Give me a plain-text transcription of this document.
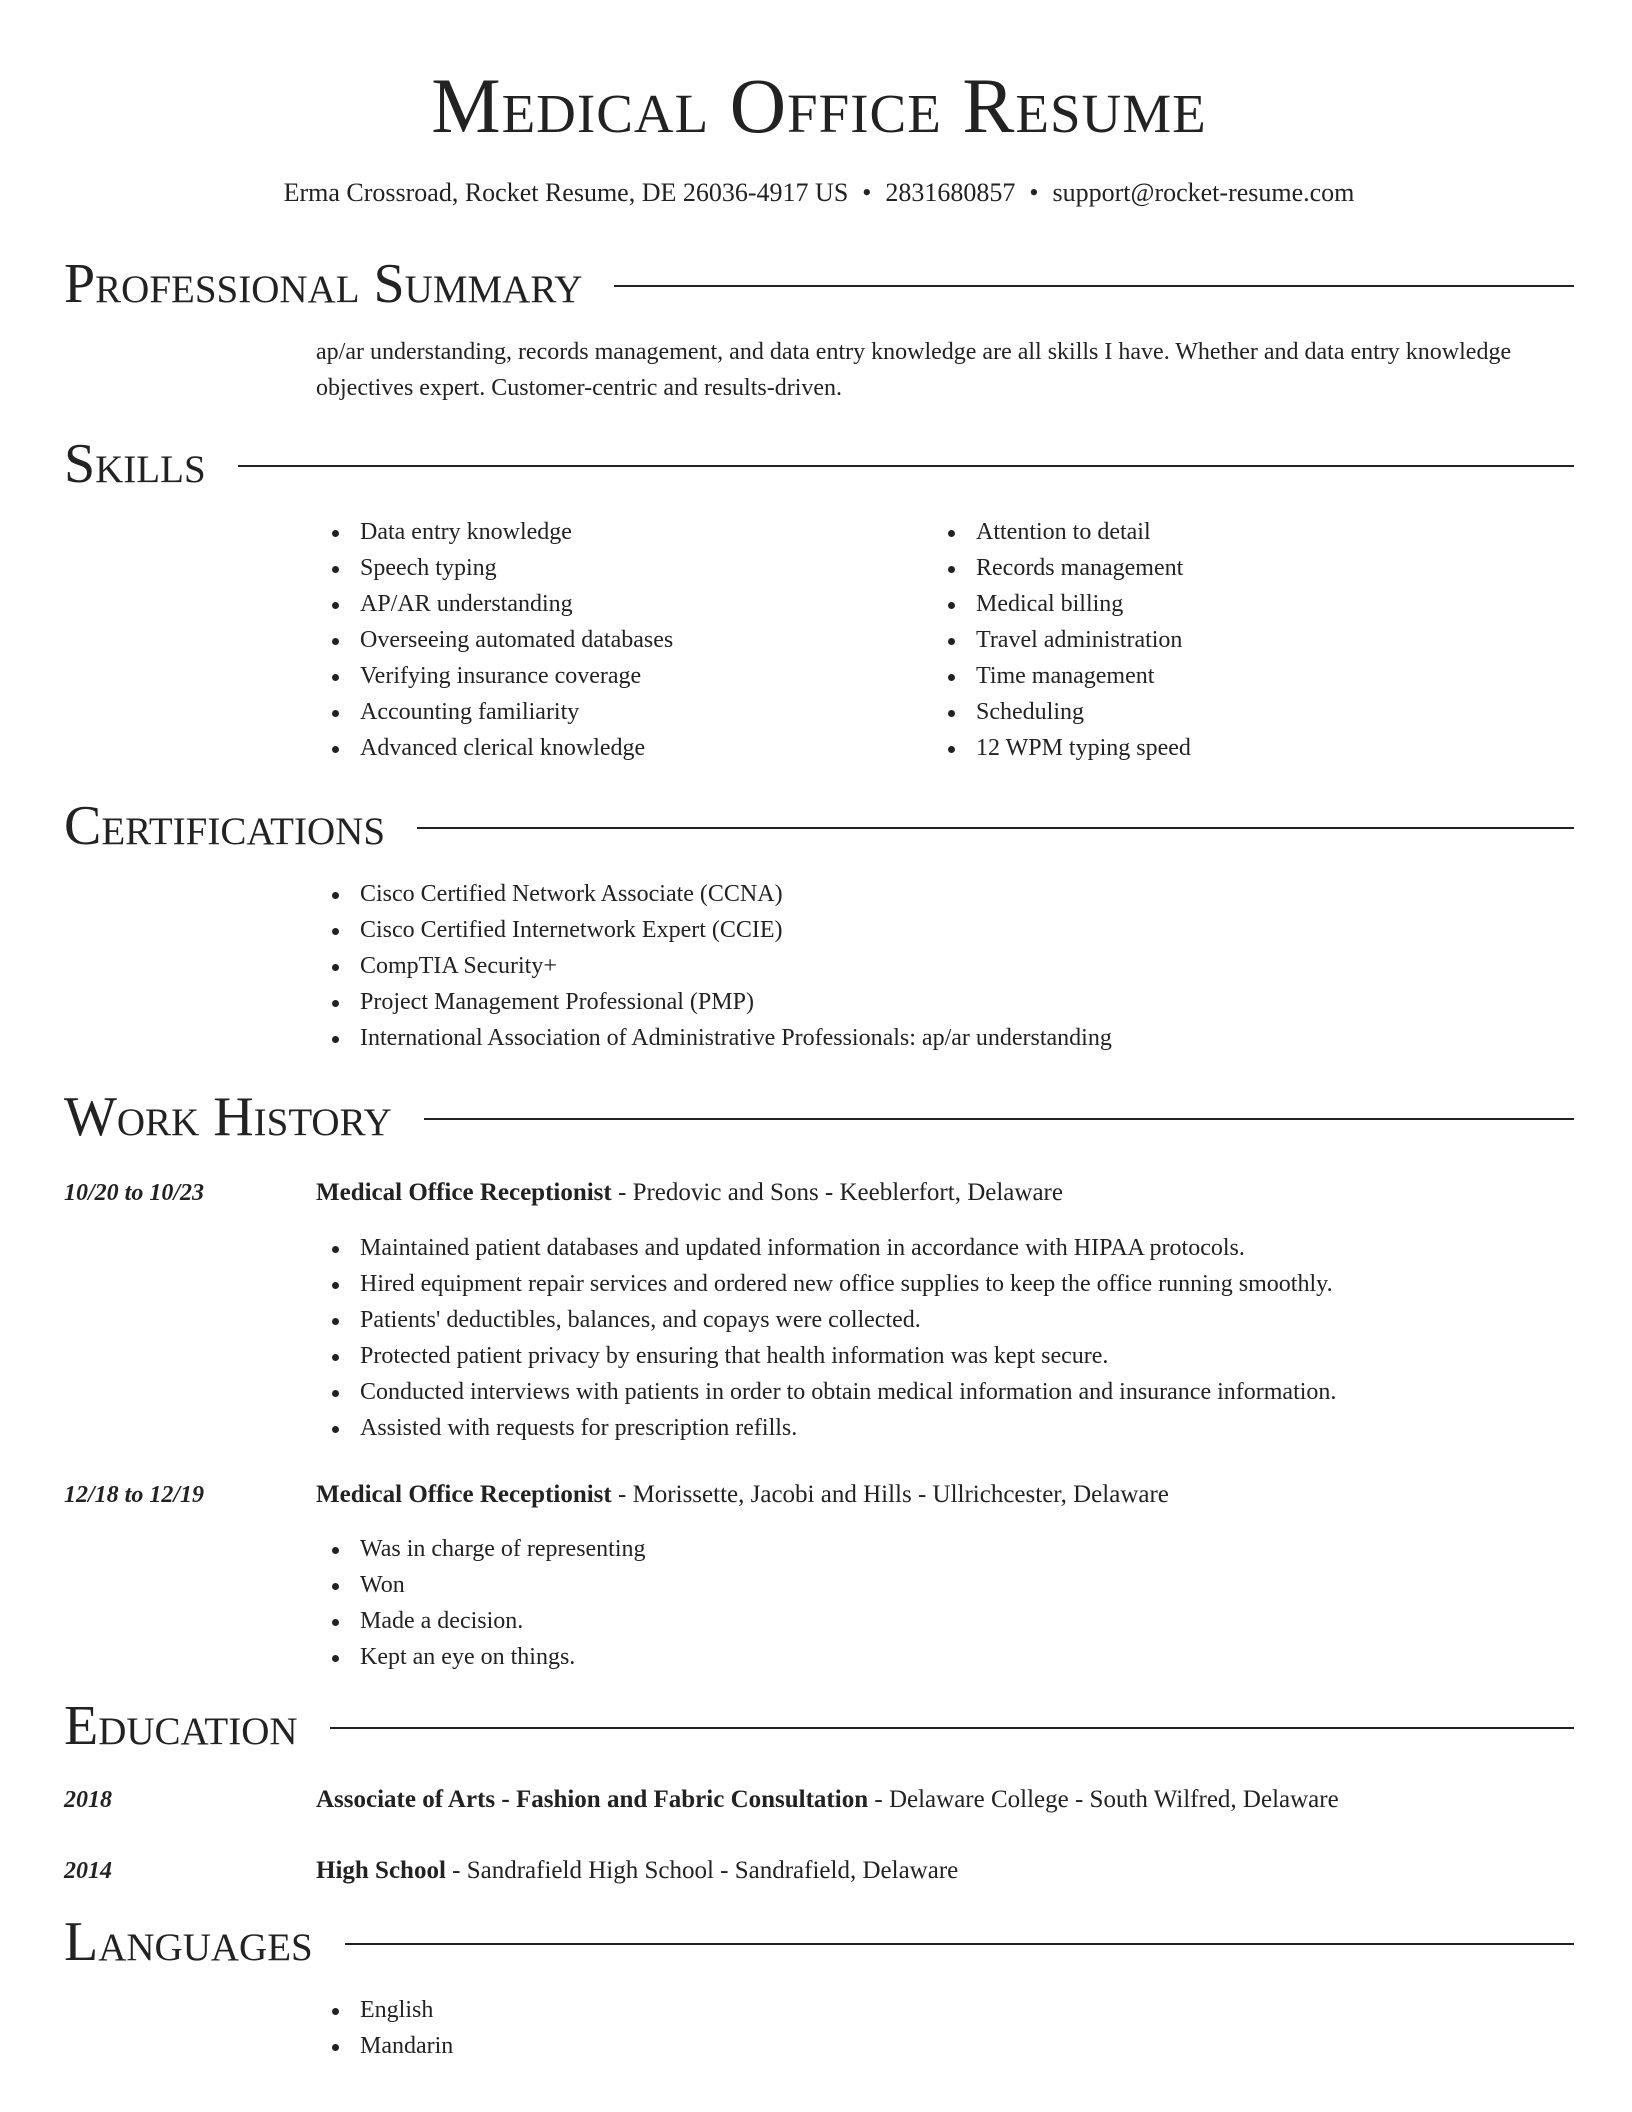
Medical Office Resume
Erma Crossroad, Rocket Resume, DE 26036-4917 US • 2831680857 • support@rocket-resume.com
Professional Summary
ap/ar understanding, records management, and data entry knowledge are all skills I have. Whether and data entry knowledge
objectives expert. Customer-centric and results-driven.
Skills
Data entry knowledge
Speech typing
AP/AR understanding
Overseeing automated databases
Verifying insurance coverage
Accounting familiarity
Advanced clerical knowledge
Attention to detail
Records management
Medical billing
Travel administration
Time management
Scheduling
12 WPM typing speed
Certifications
Cisco Certified Network Associate (CCNA)
Cisco Certified Internetwork Expert (CCIE)
CompTIA Security+
Project Management Professional (PMP)
International Association of Administrative Professionals: ap/ar understanding
Work History
10/20 to 10/23	Medical Office Receptionist - Predovic and Sons - Keeblerfort, Delaware
Maintained patient databases and updated information in accordance with HIPAA protocols.
Hired equipment repair services and ordered new office supplies to keep the office running smoothly.
Patients' deductibles, balances, and copays were collected.
Protected patient privacy by ensuring that health information was kept secure.
Conducted interviews with patients in order to obtain medical information and insurance information.
Assisted with requests for prescription refills.
12/18 to 12/19	Medical Office Receptionist - Morissette, Jacobi and Hills - Ullrichcester, Delaware
Was in charge of representing
Won
Made a decision.
Kept an eye on things.
Education
2018	Associate of Arts - Fashion and Fabric Consultation - Delaware College - South Wilfred, Delaware
2014	High School - Sandrafield High School - Sandrafield, Delaware
Languages
English
Mandarin
